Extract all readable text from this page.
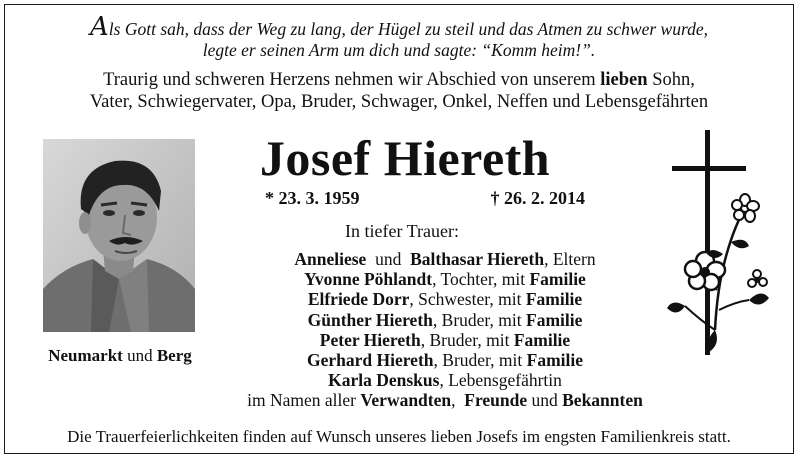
Als Gott sah, dass der Weg zu lang, der Hügel zu steil und das Atmen zu schwer wurde,
legte er seinen Arm um dich und sagte: “Komm heim!”.
Traurig und schweren Herzens nehmen wir Abschied von unserem lieben Sohn,
Vater, Schwiegervater, Opa, Bruder, Schwager, Onkel, Neffen und Lebensgefährten
Neumarkt und Berg
Josef Hiereth
* 23. 3. 1959	† 26. 2. 2014
In tiefer Trauer:
Anneliese  und  Balthasar Hiereth, Eltern
Yvonne Pöhlandt, Tochter, mit Familie
Elfriede Dorr, Schwester, mit Familie
Günther Hiereth, Bruder, mit Familie
Peter Hiereth, Bruder, mit Familie
Gerhard Hiereth, Bruder, mit Familie
Karla Denskus, Lebensgefährtin
im Namen aller Verwandten,  Freunde und Bekannten
Die Trauerfeierlichkeiten finden auf Wunsch unseres lieben Josefs im engsten Familienkreis statt.
